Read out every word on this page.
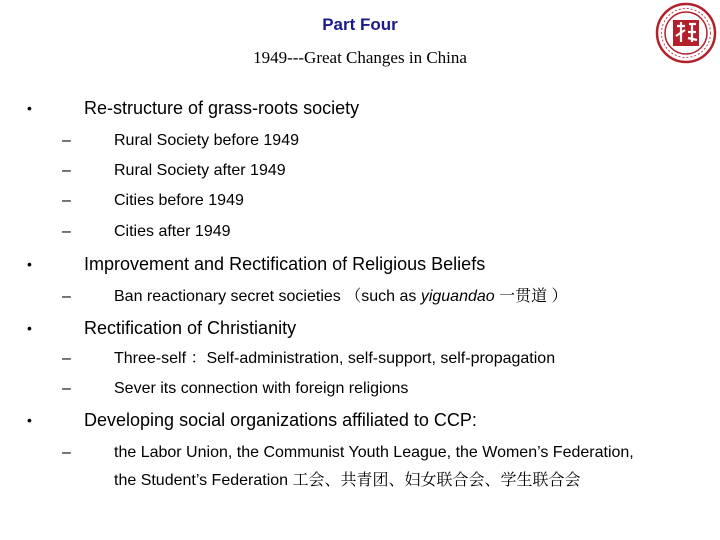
Part Four
1949---Great Changes in China
•	Re-structure of grass-roots society
–	Rural Society before 1949
–	Rural Society after 1949
–	Cities before 1949
–	Cities after 1949
•	Improvement and Rectification of Religious Beliefs
–	Ban reactionary secret societies （such as yiguandao 一贯道 ）
•	Rectification of Christianity
–	Three-self ：Self-administration, self-support, self-propagation
–	Sever its connection with foreign religions
•	Developing social organizations affiliated to CCP:
–	the Labor Union, the Communist Youth League, the Women’s Federation,
the Student’s Federation 工会、共青团、妇女联合会、学生联合会
